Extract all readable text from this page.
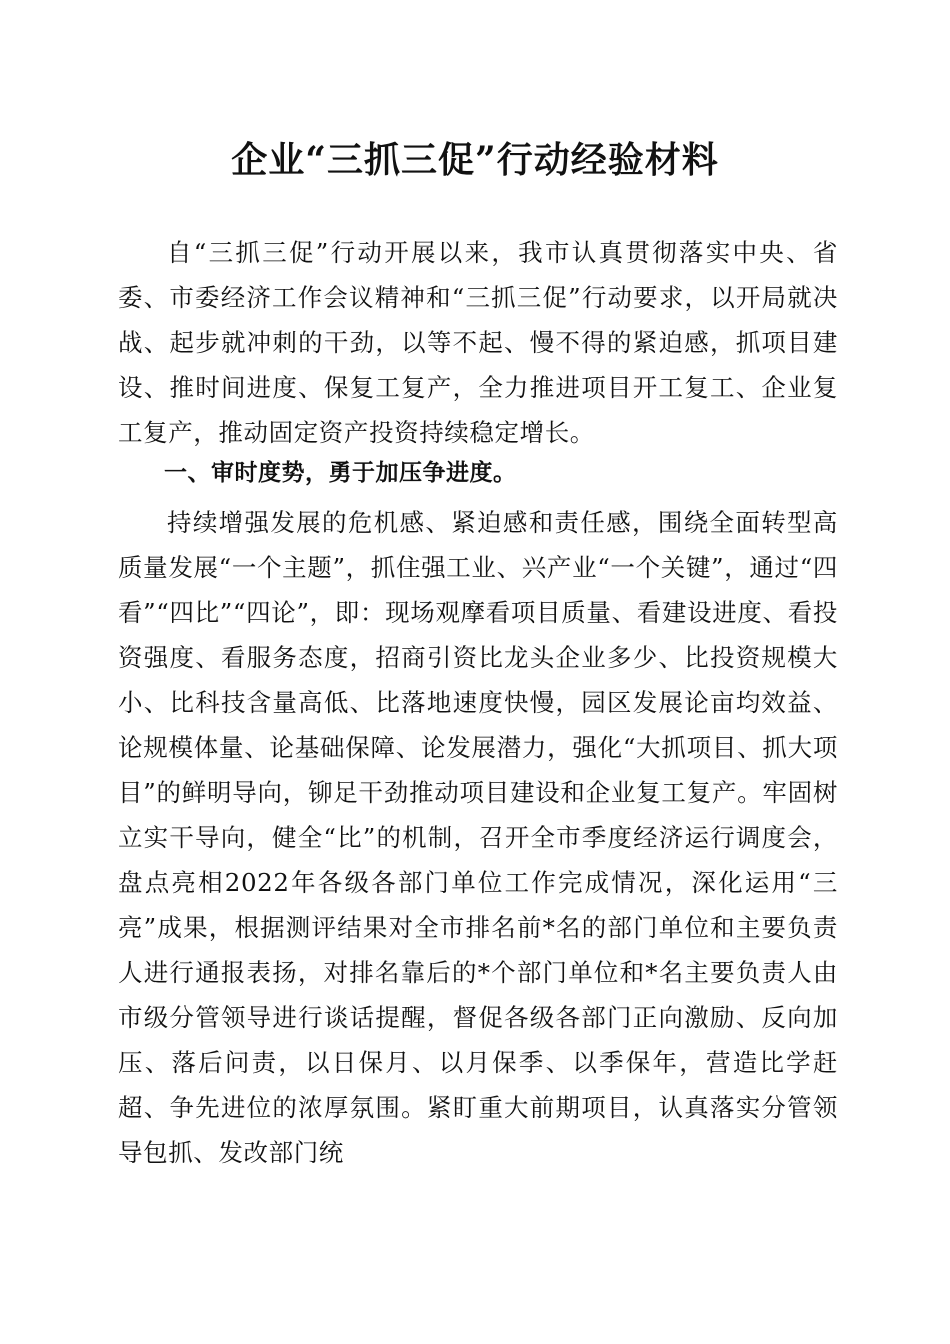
企业“三抓三促”行动经验材料

自“三抓三促”行动开展以来，我市认真贯彻落实中央、省委、市委经济工作会议精神和“三抓三促”行动要求，以开局就决战、起步就冲刺的干劲，以等不起、慢不得的紧迫感，抓项目建设、推时间进度、保复工复产，全力推进项目开工复工、企业复工复产，推动固定资产投资持续稳定增长。

一、审时度势，勇于加压争进度。

持续增强发展的危机感、紧迫感和责任感，围绕全面转型高质量发展“一个主题”，抓住强工业、兴产业“一个关键”，通过“四看”“四比”“四论”，即：现场观摩看项目质量、看建设进度、看投资强度、看服务态度，招商引资比龙头企业多少、比投资规模大小、比科技含量高低、比落地速度快慢，园区发展论亩均效益、论规模体量、论基础保障、论发展潜力，强化“大抓项目、抓大项目”的鲜明导向，铆足干劲推动项目建设和企业复工复产。牢固树立实干导向，健全“比”的机制，召开全市季度经济运行调度会，盘点亮相2022年各级各部门单位工作完成情况，深化运用“三亮”成果，根据测评结果对全市排名前*名的部门单位和主要负责人进行通报表扬，对排名靠后的*个部门单位和*名主要负责人由市级分管领导进行谈话提醒，督促各级各部门正向激励、反向加压、落后问责，以日保月、以月保季、以季保年，营造比学赶超、争先进位的浓厚氛围。紧盯重大前期项目，认真落实分管领导包抓、发改部门统
